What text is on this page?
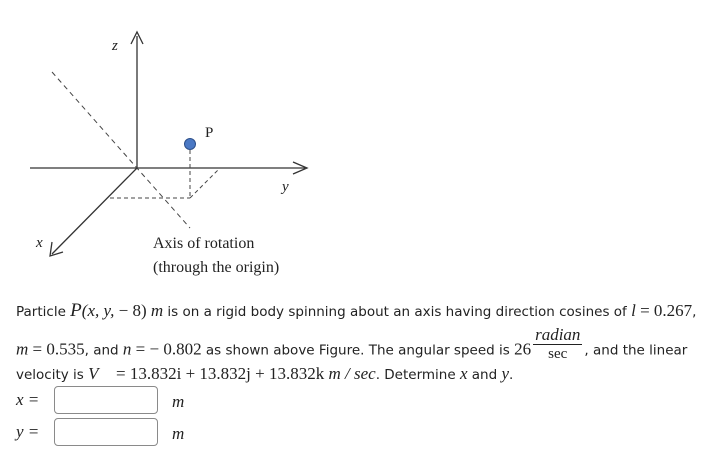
z
y
x
P
Axis of rotation
(through the origin)
Particle P(x, y, − 8) m is on a rigid body spinning about an axis having direction cosines of l = 0.267,
m = 0.535, and n = − 0.802 as shown above Figure. The angular speed is $26 \frac{\text{radian}}{\sec}$ , and the linear
velocity is V⃗ = 13.832i + 13.832j + 13.832k m / sec. Determine x and y.
x =	m
y =	m
